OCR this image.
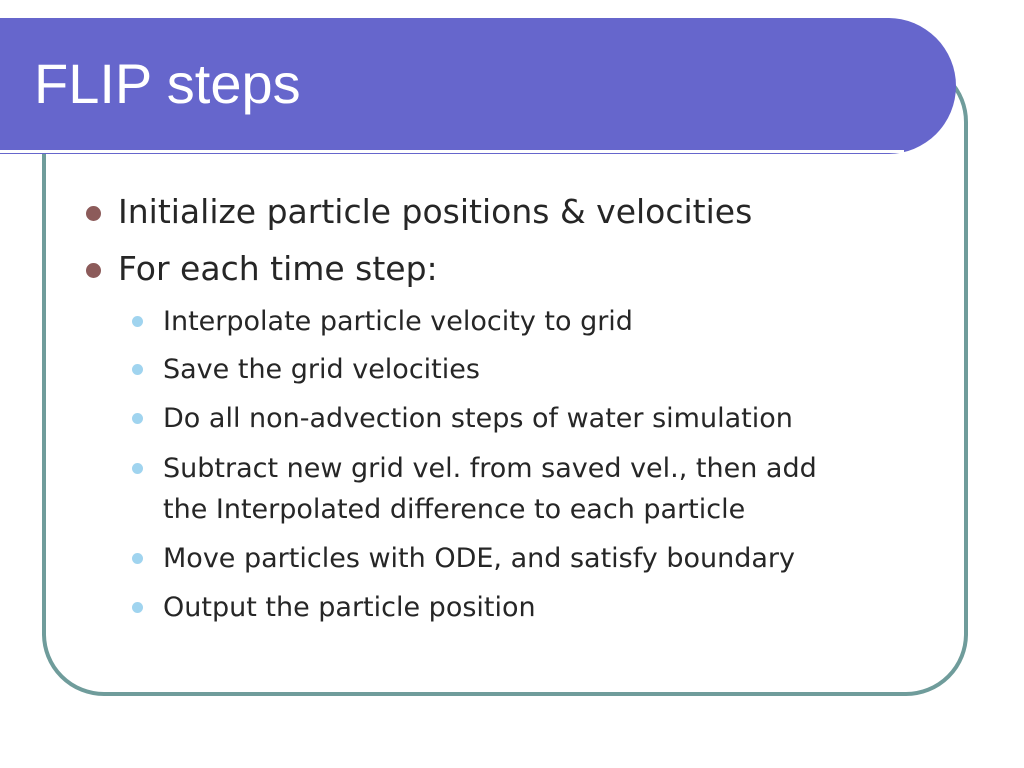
FLIP steps
Initialize particle positions & velocities
For each time step:
Interpolate particle velocity to grid
Save the grid velocities
Do all non-advection steps of water simulation
Subtract new grid vel. from saved vel., then add
the Interpolated difference to each particle
Move particles with ODE, and satisfy boundary
Output the particle position
